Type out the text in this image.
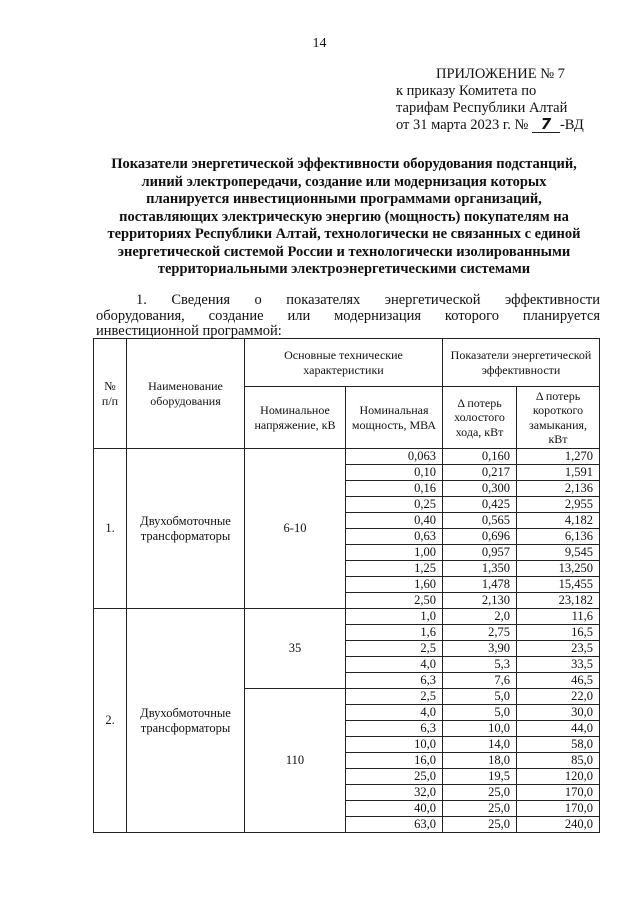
14
ПРИЛОЖЕНИЕ № 7
к приказу Комитета по
тарифам Республики Алтай
от 31 марта 2023 г. № 7 -ВД
Показатели энергетической эффективности оборудования подстанций, линий электропередачи, создание или модернизация которых планируется инвестиционными программами организаций, поставляющих электрическую энергию (мощность) покупателям на территориях Республики Алтай, технологически не связанных с единой энергетической системой России и технологически изолированными территориальными электроэнергетическими системами
1. Сведения о показателях энергетической эффективности
оборудования, создание или модернизация которого планируется
инвестиционной программой:
№ п/п	Наименование оборудования	Основные технические характеристики		Показатели энергетической эффективности	
		Номинальное напряжение, кВ	Номинальная мощность, МВА	Δ потерь холостого хода, кВт	Δ потерь короткого замыкания, кВт
1.	Двухобмоточные трансформаторы	6-10	0,063	0,160	1,270
			0,10	0,217	1,591
			0,16	0,300	2,136
			0,25	0,425	2,955
			0,40	0,565	4,182
			0,63	0,696	6,136
			1,00	0,957	9,545
			1,25	1,350	13,250
			1,60	1,478	15,455
			2,50	2,130	23,182
2.	Двухобмоточные трансформаторы	35	1,0	2,0	11,6
			1,6	2,75	16,5
			2,5	3,90	23,5
			4,0	5,3	33,5
			6,3	7,6	46,5
		110	2,5	5,0	22,0
			4,0	5,0	30,0
			6,3	10,0	44,0
			10,0	14,0	58,0
			16,0	18,0	85,0
			25,0	19,5	120,0
			32,0	25,0	170,0
			40,0	25,0	170,0
			63,0	25,0	240,0
